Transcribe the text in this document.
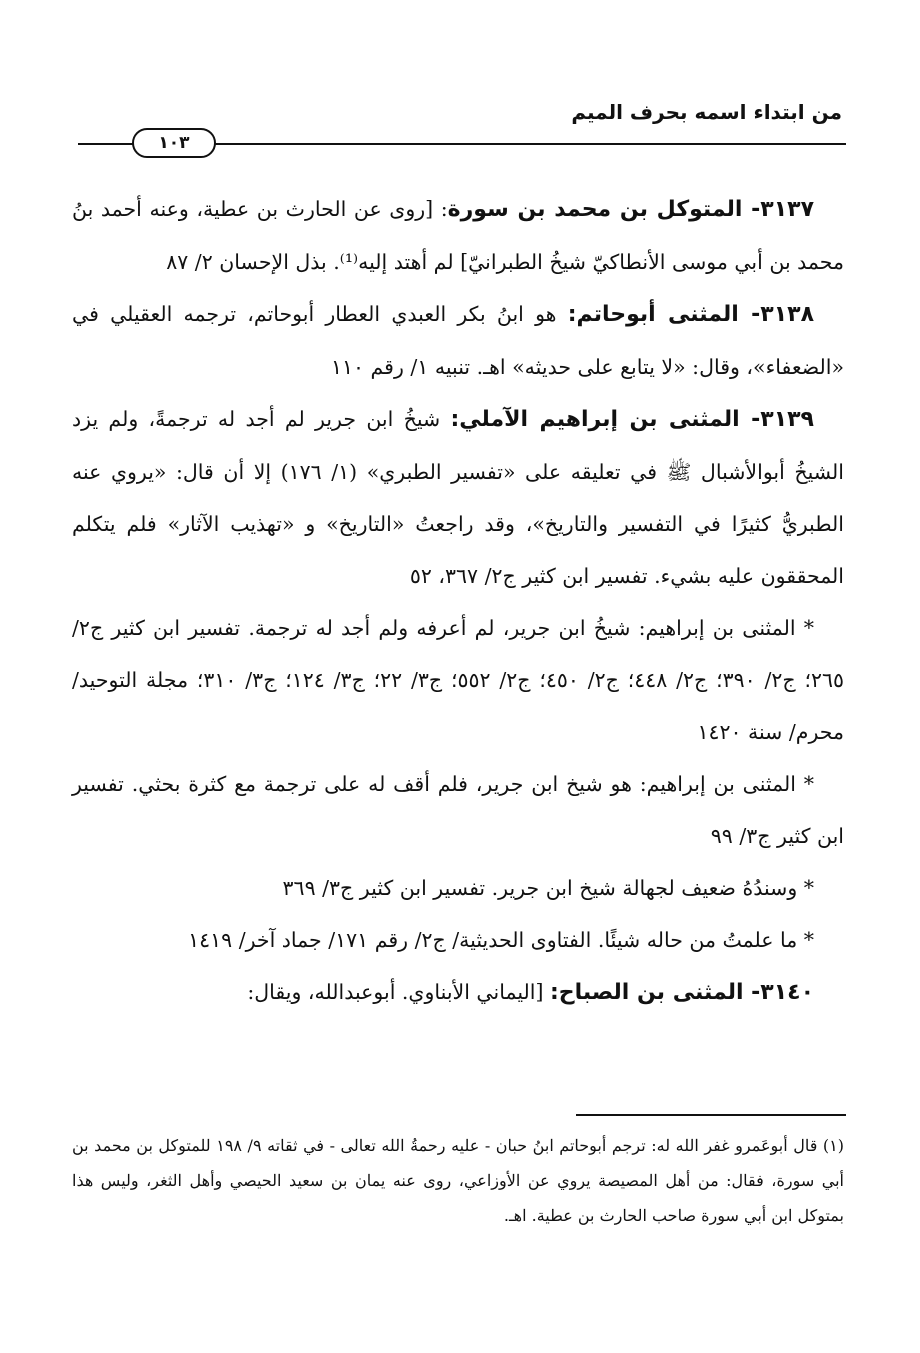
من ابتداء اسمه بحرف الميم
١٠٣

٣١٣٧- المتوكل بن محمد بن سورة: [روى عن الحارث بن عطية، وعنه أحمد بنُ محمد بن أبي موسى الأنطاكيّ شيخُ الطبرانيّ] لم أهتد إليه⁽¹⁾. بذل الإحسان ٢/ ٨٧

٣١٣٨- المثنى أبوحاتم: هو ابنُ بكر العبدي العطار أبوحاتم، ترجمه العقيلي في «الضعفاء»، وقال: «لا يتابع على حديثه» اهـ. تنبيه ١/ رقم ١١٠

٣١٣٩- المثنى بن إبراهيم الآملي: شيخُ ابن جرير لم أجد له ترجمةً، ولم يزد الشيخُ أبوالأشبال ﷺ في تعليقه على «تفسير الطبري» (١/ ١٧٦) إلا أن قال: «يروي عنه الطبريُّ كثيرًا في التفسير والتاريخ»، وقد راجعتُ «التاريخ» و «تهذيب الآثار» فلم يتكلم المحققون عليه بشيء. تفسير ابن كثير ج٢/ ٣٦٧، ٥٢

* المثنى بن إبراهيم: شيخُ ابن جرير، لم أعرفه ولم أجد له ترجمة. تفسير ابن كثير ج٢/ ٢٦٥؛ ج٢/ ٣٩٠؛ ج٢/ ٤٤٨؛ ج٢/ ٤٥٠؛ ج٢/ ٥٥٢؛ ج٣/ ٢٢؛ ج٣/ ١٢٤؛ ج٣/ ٣١٠؛ مجلة التوحيد/ محرم/ سنة ١٤٢٠

* المثنى بن إبراهيم: هو شيخ ابن جرير، فلم أقف له على ترجمة مع كثرة بحثي. تفسير ابن كثير ج٣/ ٩٩

* وسندُهُ ضعيف لجهالة شيخ ابن جرير. تفسير ابن كثير ج٣/ ٣٦٩

* ما علمتُ من حاله شيئًا. الفتاوى الحديثية/ ج٢/ رقم ١٧١/ جماد آخر/ ١٤١٩

٣١٤٠- المثنى بن الصباح: [اليماني الأبناوي. أبوعبدالله، ويقال:

(١) قال أبوعَمرو غفر الله له: ترجم أبوحاتم ابنُ حبان - عليه رحمةُ الله تعالى - في ثقاته ٩/ ١٩٨ للمتوكل بن محمد بن أبي سورة، فقال: من أهل المصيصة يروي عن الأوزاعي، روى عنه يمان بن سعيد الحيصي وأهل الثغر، وليس هذا بمتوكل ابن أبي سورة صاحب الحارث بن عطية. اهـ.
